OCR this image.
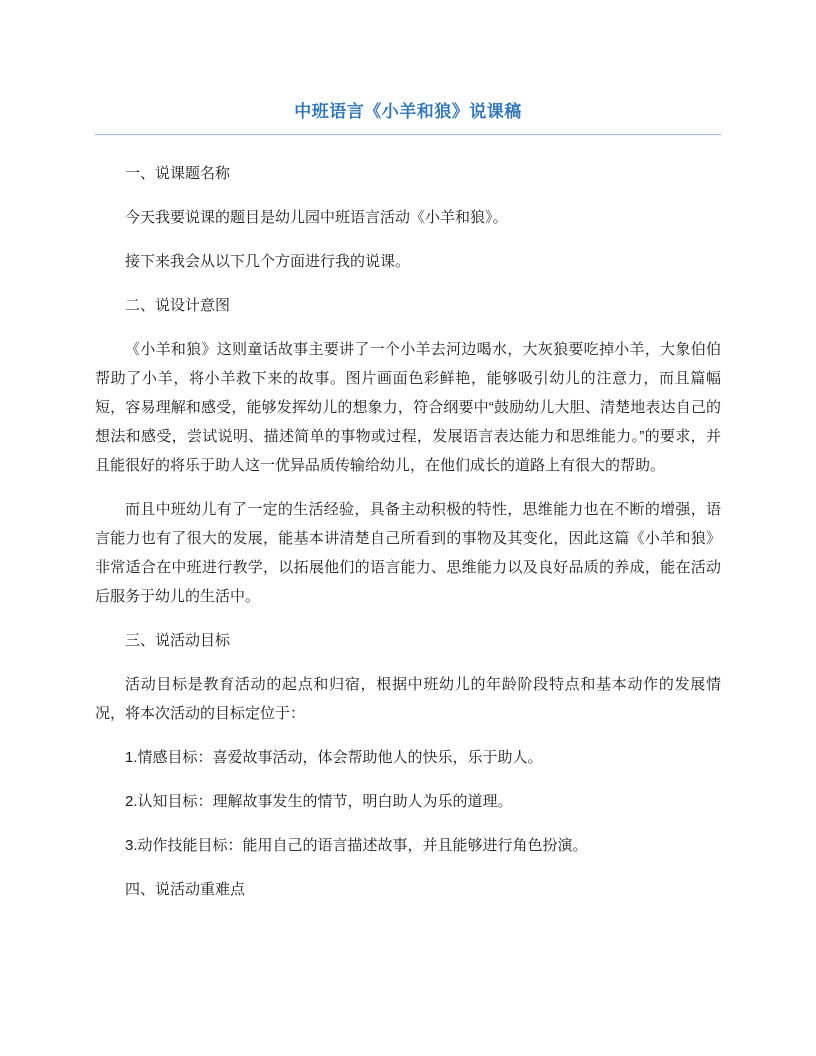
中班语言《小羊和狼》说课稿

一、说课题名称

今天我要说课的题目是幼儿园中班语言活动《小羊和狼》。

接下来我会从以下几个方面进行我的说课。

二、说设计意图

《小羊和狼》这则童话故事主要讲了一个小羊去河边喝水，大灰狼要吃掉小羊，大象伯伯帮助了小羊，将小羊救下来的故事。图片画面色彩鲜艳，能够吸引幼儿的注意力，而且篇幅短，容易理解和感受，能够发挥幼儿的想象力，符合纲要中“鼓励幼儿大胆、清楚地表达自己的想法和感受，尝试说明、描述简单的事物或过程，发展语言表达能力和思维能力。”的要求，并且能很好的将乐于助人这一优异品质传输给幼儿，在他们成长的道路上有很大的帮助。

而且中班幼儿有了一定的生活经验，具备主动积极的特性，思维能力也在不断的增强，语言能力也有了很大的发展，能基本讲清楚自己所看到的事物及其变化，因此这篇《小羊和狼》非常适合在中班进行教学，以拓展他们的语言能力、思维能力以及良好品质的养成，能在活动后服务于幼儿的生活中。

三、说活动目标

活动目标是教育活动的起点和归宿，根据中班幼儿的年龄阶段特点和基本动作的发展情况，将本次活动的目标定位于：

1.情感目标：喜爱故事活动，体会帮助他人的快乐，乐于助人。

2.认知目标：理解故事发生的情节，明白助人为乐的道理。

3.动作技能目标：能用自己的语言描述故事，并且能够进行角色扮演。

四、说活动重难点
